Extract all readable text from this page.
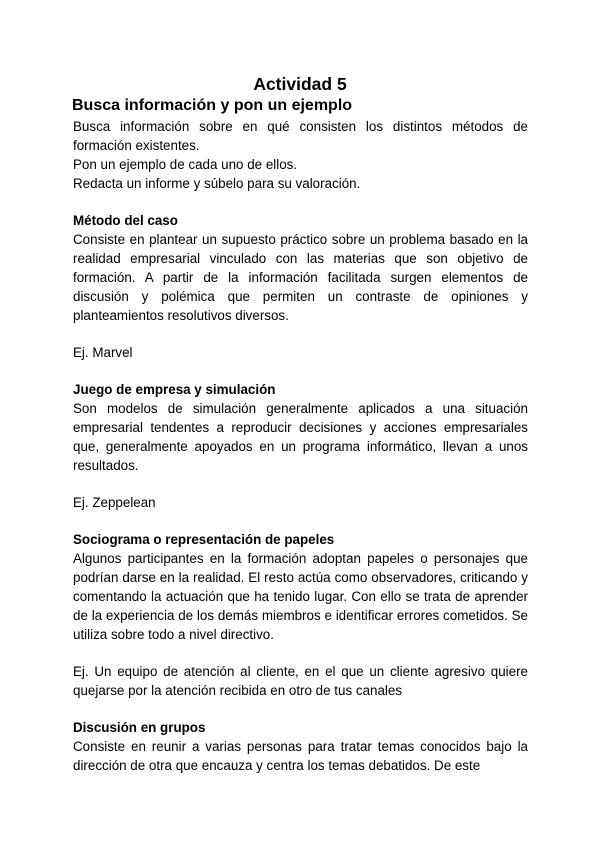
Actividad 5
Busca información y pon un ejemplo

Busca información sobre en qué consisten los distintos métodos de formación existentes.

Pon un ejemplo de cada uno de ellos.

Redacta un informe y súbelo para su valoración.

Método del caso

Consiste en plantear un supuesto práctico sobre un problema basado en la realidad empresarial vinculado con las materias que son objetivo de formación. A partir de la información facilitada surgen elementos de discusión y polémica que permiten un contraste de opiniones y planteamientos resolutivos diversos.

Ej. Marvel

Juego de empresa y simulación

Son modelos de simulación generalmente aplicados a una situación empresarial tendentes a reproducir decisiones y acciones empresariales que, generalmente apoyados en un programa informático, llevan a unos resultados.

Ej. Zeppelean

Sociograma o representación de papeles

Algunos participantes en la formación adoptan papeles o personajes que podrían darse en la realidad. El resto actúa como observadores, criticando y comentando la actuación que ha tenido lugar. Con ello se trata de aprender de la experiencia de los demás miembros e identificar errores cometidos. Se utiliza sobre todo a nivel directivo.

Ej. Un equipo de atención al cliente, en el que un cliente agresivo quiere quejarse por la atención recibida en otro de tus canales

Discusión en grupos

Consiste en reunir a varias personas para tratar temas conocidos bajo la dirección de otra que encauza y centra los temas debatidos. De este
